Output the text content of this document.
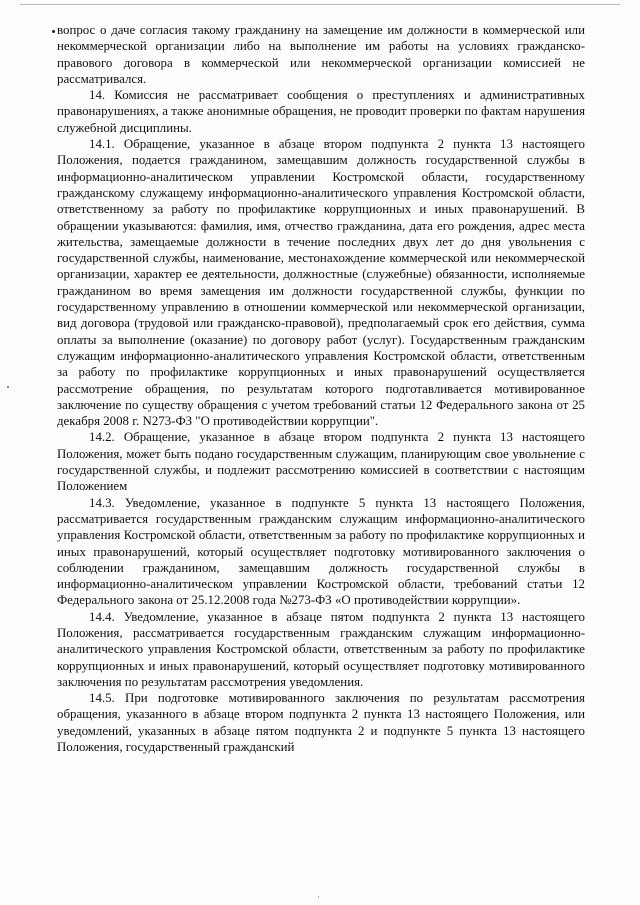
вопрос о даче согласия такому гражданину на замещение им должности в коммерческой или некоммерческой организации либо на выполнение им работы на условиях гражданско-правового договора в коммерческой или некоммерческой организации комиссией не рассматривался.

14. Комиссия не рассматривает сообщения о преступлениях и административных правонарушениях, а также анонимные обращения, не проводит проверки по фактам нарушения служебной дисциплины.

14.1. Обращение, указанное в абзаце втором подпункта 2 пункта 13 настоящего Положения, подается гражданином, замещавшим должность государственной службы в информационно-аналитическом управлении Костромской области, государственному гражданскому служащему информационно-аналитического управления Костромской области, ответственному за работу по профилактике коррупционных и иных правонарушений. В обращении указываются: фамилия, имя, отчество гражданина, дата его рождения, адрес места жительства, замещаемые должности в течение последних двух лет до дня увольнения с государственной службы, наименование, местонахождение коммерческой или некоммерческой организации, характер ее деятельности, должностные (служебные) обязанности, исполняемые гражданином во время замещения им должности государственной службы, функции по государственному управлению в отношении коммерческой или некоммерческой организации, вид договора (трудовой или гражданско-правовой), предполагаемый срок его действия, сумма оплаты за выполнение (оказание) по договору работ (услуг). Государственным гражданским служащим информационно-аналитического управления Костромской области, ответственным за работу по профилактике коррупционных и иных правонарушений осуществляется рассмотрение обращения, по результатам которого подготавливается мотивированное заключение по существу обращения с учетом требований статьи 12 Федерального закона от 25 декабря 2008 г. N273-ФЗ "О противодействии коррупции".

14.2. Обращение, указанное в абзаце втором подпункта 2 пункта 13 настоящего Положения, может быть подано государственным служащим, планирующим свое увольнение с государственной службы, и подлежит рассмотрению комиссией в соответствии с настоящим Положением

14.3. Уведомление, указанное в подпункте 5 пункта 13 настоящего Положения, рассматривается государственным гражданским служащим информационно-аналитического управления Костромской области, ответственным за работу по профилактике коррупционных и иных правонарушений, который осуществляет подготовку мотивированного заключения о соблюдении гражданином, замещавшим должность государственной службы в информационно-аналитическом управлении Костромской области, требований статьи 12 Федерального закона от 25.12.2008 года №273-ФЗ «О противодействии коррупции».

14.4. Уведомление, указанное в абзаце пятом подпункта 2 пункта 13 настоящего Положения, рассматривается государственным гражданским служащим информационно-аналитического управления Костромской области, ответственным за работу по профилактике коррупционных и иных правонарушений, который осуществляет подготовку мотивированного заключения по результатам рассмотрения уведомления.

14.5. При подготовке мотивированного заключения по результатам рассмотрения обращения, указанного в абзаце втором подпункта 2 пункта 13 настоящего Положения, или уведомлений, указанных в абзаце пятом подпункта 2 и подпункте 5 пункта 13 настоящего Положения, государственный гражданский

·
